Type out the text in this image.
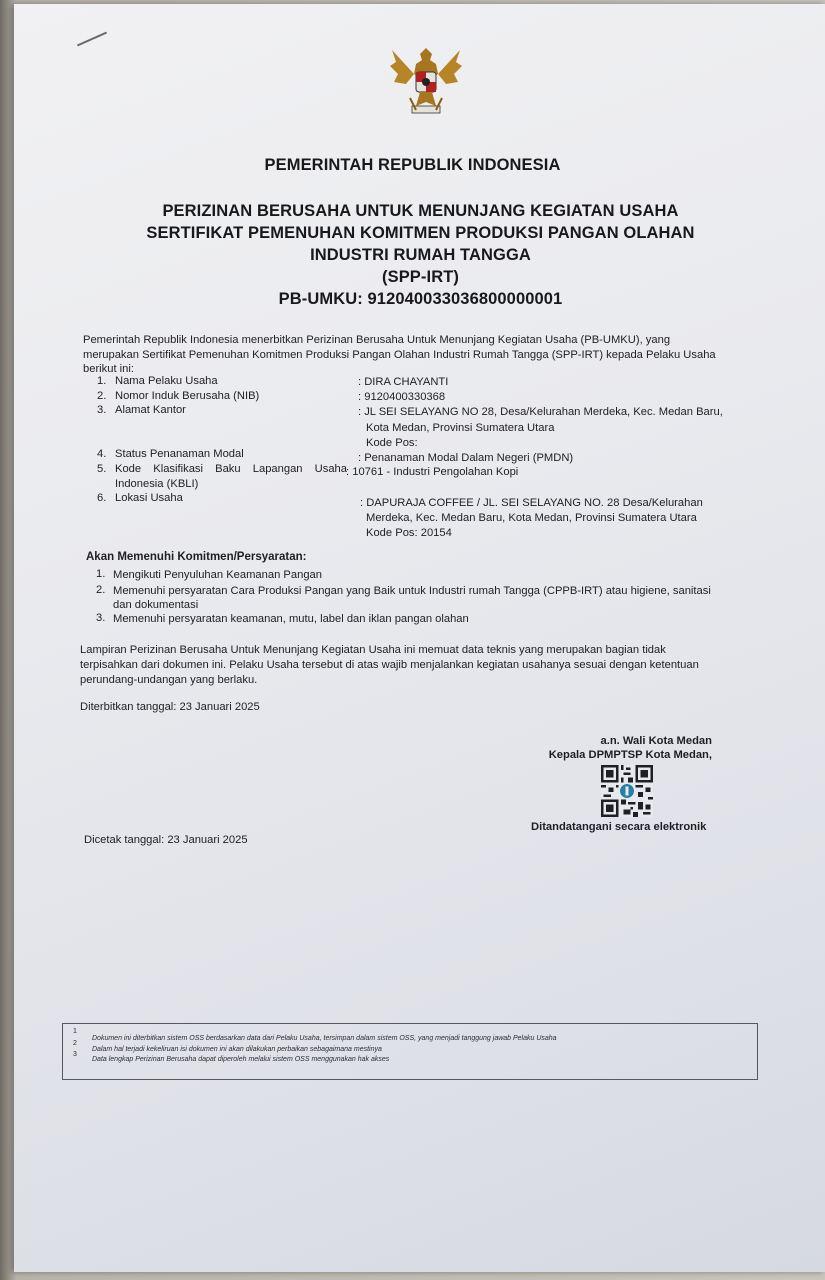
PEMERINTAH REPUBLIK INDONESIA
PERIZINAN BERUSAHA UNTUK MENUNJANG KEGIATAN USAHA
SERTIFIKAT PEMENUHAN KOMITMEN PRODUKSI PANGAN OLAHAN
INDUSTRI RUMAH TANGGA
(SPP-IRT)
PB-UMKU: 912040033036800000001
Pemerintah Republik Indonesia menerbitkan Perizinan Berusaha Untuk Menunjang Kegiatan Usaha (PB-UMKU), yang
merupakan Sertifikat Pemenuhan Komitmen Produksi Pangan Olahan Industri Rumah Tangga (SPP-IRT) kepada Pelaku Usaha
berikut ini:
1. Nama Pelaku Usaha	: DIRA CHAYANTI
2. Nomor Induk Berusaha (NIB)	: 9120400330368
3. Alamat Kantor	: JL SEI SELAYANG NO 28, Desa/Kelurahan Merdeka, Kec. Medan Baru,
Kota Medan, Provinsi Sumatera Utara
Kode Pos:
4. Status Penanaman Modal	: Penanaman Modal Dalam Negeri (PMDN)
5. Kode Klasifikasi Baku Lapangan Usaha
Indonesia (KBLI)
: 10761 - Industri Pengolahan Kopi
6. Lokasi Usaha	: DAPURAJA COFFEE / JL. SEI SELAYANG NO. 28 Desa/Kelurahan
Merdeka, Kec. Medan Baru, Kota Medan, Provinsi Sumatera Utara
Kode Pos: 20154
Akan Memenuhi Komitmen/Persyaratan:
1. Mengikuti Penyuluhan Keamanan Pangan
2. Memenuhi persyaratan Cara Produksi Pangan yang Baik untuk Industri rumah Tangga (CPPB-IRT) atau higiene, sanitasi
dan dokumentasi
3. Memenuhi persyaratan keamanan, mutu, label dan iklan pangan olahan
Lampiran Perizinan Berusaha Untuk Menunjang Kegiatan Usaha ini memuat data teknis yang merupakan bagian tidak
terpisahkan dari dokumen ini. Pelaku Usaha tersebut di atas wajib menjalankan kegiatan usahanya sesuai dengan ketentuan
perundang-undangan yang berlaku.
Diterbitkan tanggal: 23 Januari 2025
a.n. Wali Kota Medan
Kepala DPMPTSP Kota Medan,
Ditandatangani secara elektronik
Dicetak tanggal: 23 Januari 2025
1
Dokumen ini diterbitkan sistem OSS berdasarkan data dari Pelaku Usaha, tersimpan dalam sistem OSS, yang menjadi tanggung jawab Pelaku Usaha
2
Dalam hal terjadi kekeliruan isi dokumen ini akan dilakukan perbaikan sebagaimana mestinya
3
Data lengkap Perizinan Berusaha dapat diperoleh melalui sistem OSS menggunakan hak akses
